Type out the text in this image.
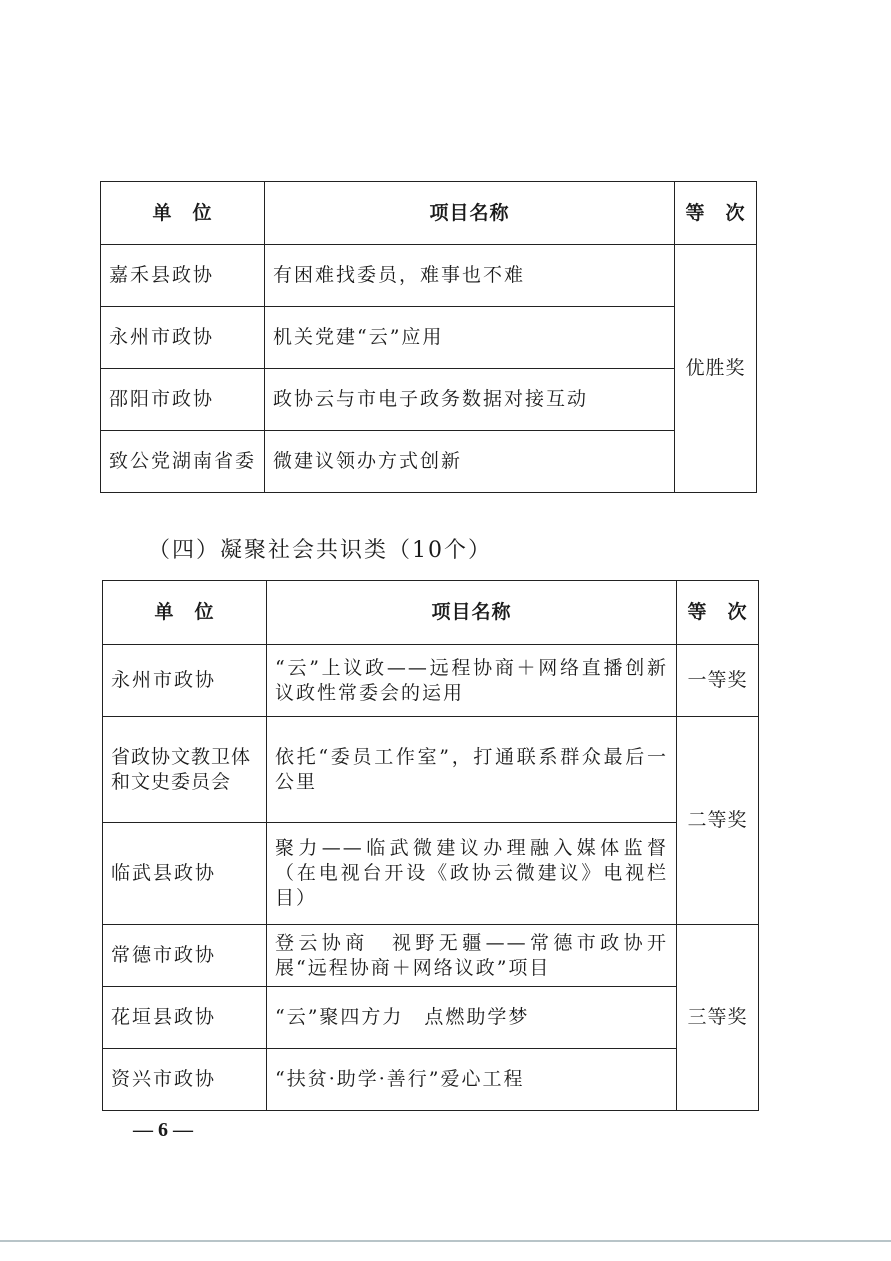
单　位	项目名称	等　次
嘉禾县政协	有困难找委员，难事也不难	优胜奖
永州市政协	机关党建“云”应用	
邵阳市政协	政协云与市电子政务数据对接互动	
致公党湖南省委	微建议领办方式创新	
（四）凝聚社会共识类（10个）
单　位	项目名称	等　次
永州市政协	“云”上议政——远程协商＋网络直播创新议政性常委会的运用	一等奖
省政协文教卫体和文史委员会	依托“委员工作室”，打通联系群众最后一公里	二等奖
临武县政协	聚力——临武微建议办理融入媒体监督（在电视台开设《政协云微建议》电视栏目）	
常德市政协	登云协商　视野无疆——常德市政协开展“远程协商＋网络议政”项目	三等奖
花垣县政协	“云”聚四方力　点燃助学梦	
资兴市政协	“扶贫·助学·善行”爱心工程	
— 6 —
